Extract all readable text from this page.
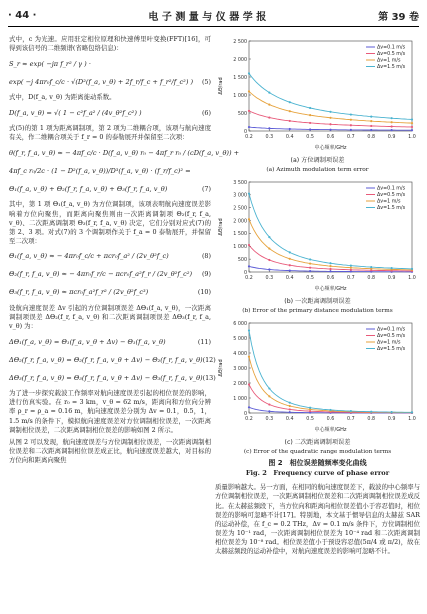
· 44 ·	电 子 测 量 与 仪 器 学 报	第 39 卷

式中，c 为光速。应用驻定相位原理和快速傅里叶变换(FFT)[16]，可得到该信号的二维频谱(省略包络信息)：

S_r ≈ exp( −jπ f_r² / γ ) ·
exp( −j 4πr₀f_c/c · √(D²(f_a, v_θ) + 2f_r/f_c + f_r²/f_c²) )	(5)

式中，D(f_a, v_θ) 为距离徙动系数。

D(f_a, v_θ) = √( 1 − c²f_a² / (4v_θ²f_c²) )	(6)

式(5)的第 1 项为距离调制项，第 2 项为二维耦合项，该项与航向速度有关，作二维耦合项关于 f_r = 0 的泰勒展开并保留至二次项：

θ(f_r, f_a, v_θ) ≈ − 4πf_c/c · D(f_a, v_θ) r₀ − 4πf_r r₀ / (cD(f_a, v_θ)) +
4πf_c r₀/2c · (1 − D²(f_a, v_θ))/D³(f_a, v_θ) · (f_r/f_c)² =
Θ₁(f_a, v_θ) + Θ₂(f_r, f_a, v_θ) + Θ₃(f_r, f_a, v_θ)	(7)

其中，第 1 项 Θ₁(f_a, v_θ) 为方位调制项，该项表明航向速度误差影响着方位向聚焦，而距离向聚焦则由一次距离调制项 Θ₂(f_r, f_a, v_θ)、二次距离调制项 Θ₃(f_r, f_a, v_θ) 决定，它们分别对应式(7)的第 2、3 项。对式(7)的 3 个调制项作关于 f_a = 0 泰勒展开，并保留至二次项：

Θ₁(f_a, v_θ) ≈ − 4πr₀f_c/c + πcr₀f_a² / (2v_θ²f_c)	(8)
Θ₂(f_r, f_a, v_θ) ≈ − 4πr₀f_r/c − πcr₀f_a²f_r / (2v_θ²f_c²)	(9)
Θ₃(f_r, f_a, v_θ) ≈ πcr₀f_a²f_r² / (2v_θ²f_c³)	(10)

设航向速度误差 Δv 引起的方位调制项误差 ΔΘ₁(f_a, v_θ)，一次距离调制项误差 ΔΘ₂(f_r, f_a, v_θ) 和二次距离调制项误差 ΔΘ₃(f_r, f_a, v_θ) 为：

ΔΘ₁(f_a, v_θ) = Θ₁(f_a, v_θ + Δv) − Θ₁(f_a, v_θ)	(11)
ΔΘ₂(f_r, f_a, v_θ) = Θ₂(f_r, f_a, v_θ + Δv) − Θ₂(f_r, f_a, v_θ) (12)
ΔΘ₃(f_r, f_a, v_θ) = Θ₃(f_r, f_a, v_θ + Δv) − Θ₃(f_r, f_a, v_θ) (13)

为了进一步探究载波工作频率对航向速度误差引起的相位误差的影响，进行仿真实验。在 r₀ = 3 km，v_θ = 62 m/s，距离向和方位向分辨率 ρ_r = ρ_a = 0.16 m，航向速度误差分别为 Δv = 0.1，0.5，1，1.5 m/s 的条件下，模拟航向速度误差对方位调制相位误差，一次距离调制相位误差，二次距离调制相位误差的影响如图 2 所示。

从图 2 可以发现，航向速度误差与方位调制相位误差，一次距离调制相位误差和二次距离调制相位误差成正比，航向速度误差越大，对目标的方位向和距离向聚焦

0
500
1 000
1 500
2 000
2 500
0.2	0.3	0.4	0.5	0.6	0.7	0.8	0.9	1.0
中心频率/GHz
ΔΘ/rad
Δv=0.1 m/s
Δv=0.5 m/s
Δv=1 m/s
Δv=1.5 m/s
(a) 方位调制项误差
(a) Azimuth modulation term error
0
500
1 000
1 500
2 000
2 500
3 000
3 500
0.2	0.3	0.4	0.5	0.6	0.7	0.8	0.9	1.0
中心频率/GHz
ΔΘ/rad
Δv=0.1 m/s
Δv=0.5 m/s
Δv=1 m/s
Δv=1.5 m/s
(b) 一次距离调制项误差
(b) Error of the primary distance modulation terms
0
1 000
2 000
3 000
4 000
5 000
6 000
0.2	0.3	0.4	0.5	0.6	0.7	0.8	0.9	1.0
中心频率/GHz
ΔΘ/rad
Δv=0.1 m/s
Δv=0.5 m/s
Δv=1 m/s
Δv=1.5 m/s
(c) 二次距离调制项误差
(c) Error of the quadratic range modulation terms
图 2　相位误差随频率变化曲线
Fig. 2　Frequency curve of phase error

质量影响越大。另一方面，在相同的航向速度误差下，载波的中心频率与方位调制相位误差，一次距离调制相位误差和二次距离调制相位误差成反比。在太赫兹频段下，当方位向和距离向相位误差值小于容忍值时，相位误差的影响可忽略不计[17]。特别地，本文基于惯导信息的太赫兹 SAR 的运动补偿，在 f_c = 0.2 THz，Δv = 0.1 m/s 条件下，方位调制相位误差为 10⁻¹ rad，一次距离调制相位误差为 10⁻⁴ rad 和二次距离调制相位误差为 10⁻⁸ rad。相位误差值小于预设容忍值(5π/4 或 π/2)，故在太赫兹频段的运动补偿中，对航向速度误差的影响可忽略不计。
